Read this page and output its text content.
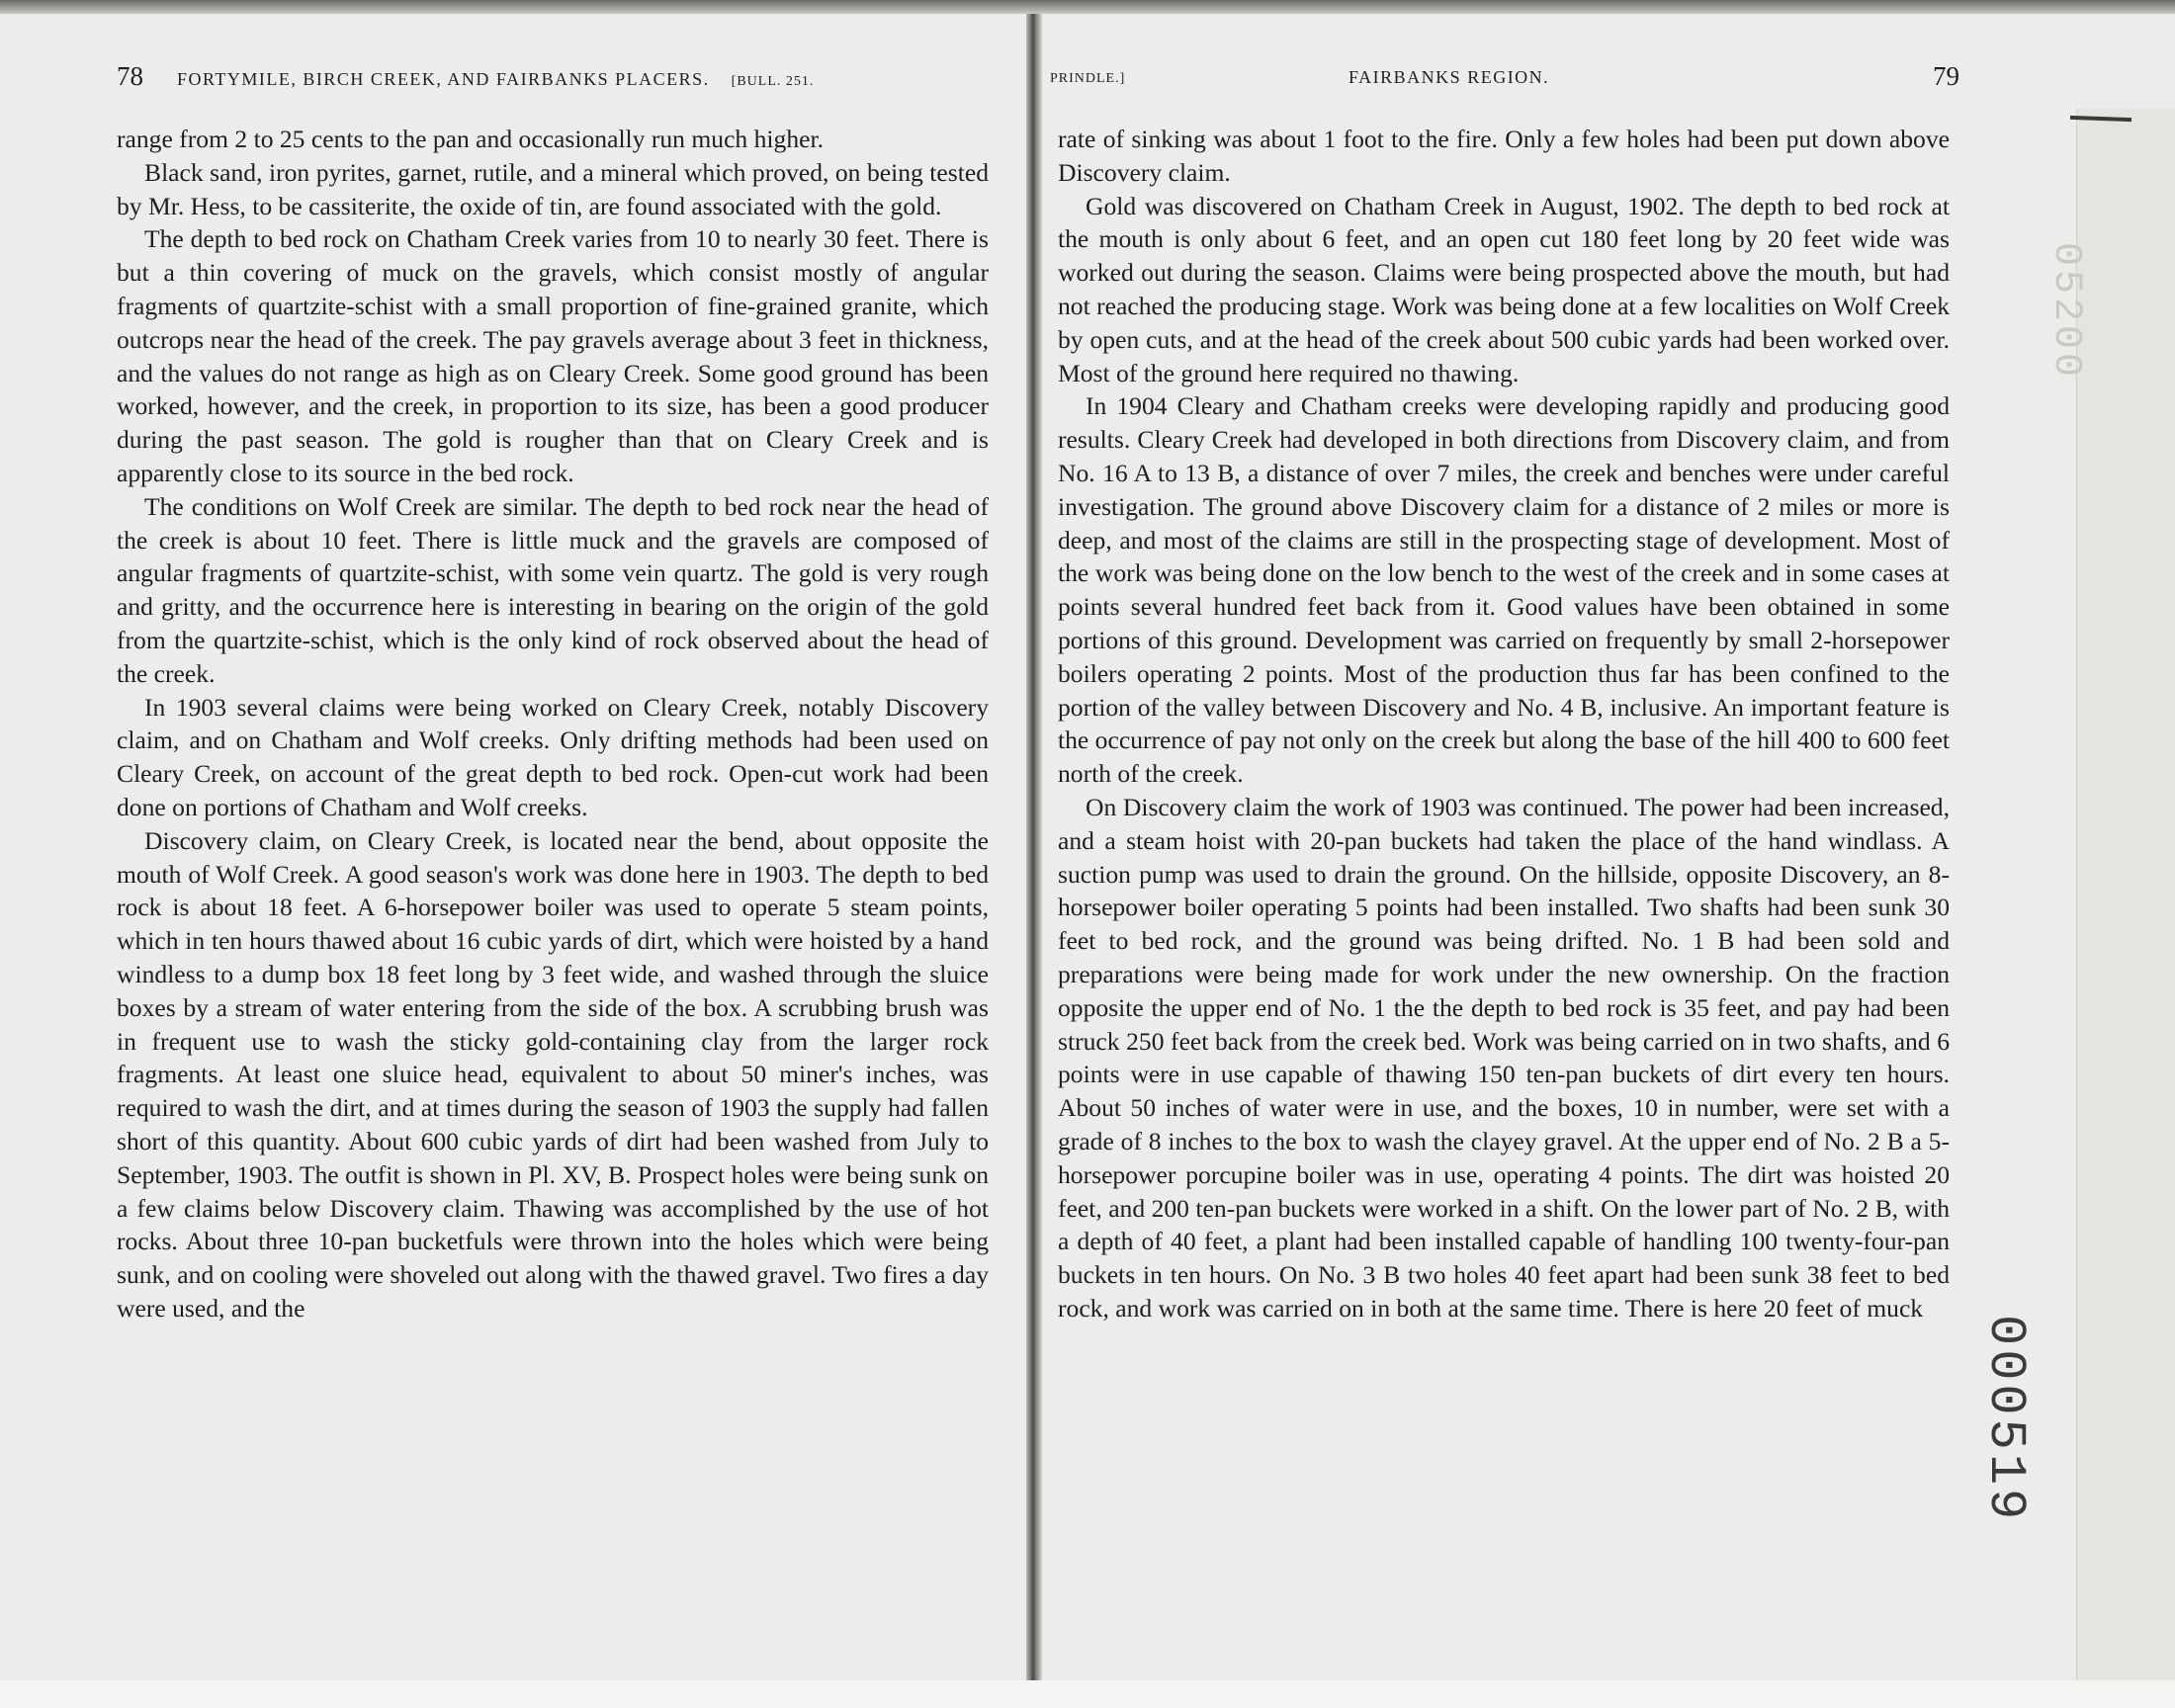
78 FORTYMILE, BIRCH CREEK, AND FAIRBANKS PLACERS. [BULL. 251.	PRINDLE.]	FAIRBANKS REGION.	79

range from 2 to 25 cents to the pan and occasionally run much higher.

Black sand, iron pyrites, garnet, rutile, and a mineral which proved, on being tested by Mr. Hess, to be cassiterite, the oxide of tin, are found associated with the gold.

The depth to bed rock on Chatham Creek varies from 10 to nearly 30 feet. There is but a thin covering of muck on the gravels, which consist mostly of angular fragments of quartzite-schist with a small proportion of fine-grained granite, which outcrops near the head of the creek. The pay gravels average about 3 feet in thickness, and the values do not range as high as on Cleary Creek. Some good ground has been worked, however, and the creek, in proportion to its size, has been a good producer during the past season. The gold is rougher than that on Cleary Creek and is apparently close to its source in the bed rock.

The conditions on Wolf Creek are similar. The depth to bed rock near the head of the creek is about 10 feet. There is little muck and the gravels are composed of angular fragments of quartzite-schist, with some vein quartz. The gold is very rough and gritty, and the occurrence here is interesting in bearing on the origin of the gold from the quartzite-schist, which is the only kind of rock observed about the head of the creek.

In 1903 several claims were being worked on Cleary Creek, notably Discovery claim, and on Chatham and Wolf creeks. Only drifting methods had been used on Cleary Creek, on account of the great depth to bed rock. Open-cut work had been done on portions of Chatham and Wolf creeks.

Discovery claim, on Cleary Creek, is located near the bend, about opposite the mouth of Wolf Creek. A good season's work was done here in 1903. The depth to bed rock is about 18 feet. A 6-horsepower boiler was used to operate 5 steam points, which in ten hours thawed about 16 cubic yards of dirt, which were hoisted by a hand windless to a dump box 18 feet long by 3 feet wide, and washed through the sluice boxes by a stream of water entering from the side of the box. A scrubbing brush was in frequent use to wash the sticky gold-containing clay from the larger rock fragments. At least one sluice head, equivalent to about 50 miner's inches, was required to wash the dirt, and at times during the season of 1903 the supply had fallen short of this quantity. About 600 cubic yards of dirt had been washed from July to September, 1903. The outfit is shown in Pl. XV, B. Prospect holes were being sunk on a few claims below Discovery claim. Thawing was accomplished by the use of hot rocks. About three 10-pan bucketfuls were thrown into the holes which were being sunk, and on cooling were shoveled out along with the thawed gravel. Two fires a day were used, and the

rate of sinking was about 1 foot to the fire. Only a few holes had been put down above Discovery claim.

Gold was discovered on Chatham Creek in August, 1902. The depth to bed rock at the mouth is only about 6 feet, and an open cut 180 feet long by 20 feet wide was worked out during the season. Claims were being prospected above the mouth, but had not reached the producing stage. Work was being done at a few localities on Wolf Creek by open cuts, and at the head of the creek about 500 cubic yards had been worked over. Most of the ground here required no thawing.

In 1904 Cleary and Chatham creeks were developing rapidly and producing good results. Cleary Creek had developed in both directions from Discovery claim, and from No. 16 A to 13 B, a distance of over 7 miles, the creek and benches were under careful investigation. The ground above Discovery claim for a distance of 2 miles or more is deep, and most of the claims are still in the prospecting stage of development. Most of the work was being done on the low bench to the west of the creek and in some cases at points several hundred feet back from it. Good values have been obtained in some portions of this ground. Development was carried on frequently by small 2-horsepower boilers operating 2 points. Most of the production thus far has been confined to the portion of the valley between Discovery and No. 4 B, inclusive. An important feature is the occurrence of pay not only on the creek but along the base of the hill 400 to 600 feet north of the creek.

On Discovery claim the work of 1903 was continued. The power had been increased, and a steam hoist with 20-pan buckets had taken the place of the hand windlass. A suction pump was used to drain the ground. On the hillside, opposite Discovery, an 8-horsepower boiler operating 5 points had been installed. Two shafts had been sunk 30 feet to bed rock, and the ground was being drifted. No. 1 B had been sold and preparations were being made for work under the new ownership. On the fraction opposite the upper end of No. 1 the the depth to bed rock is 35 feet, and pay had been struck 250 feet back from the creek bed. Work was being carried on in two shafts, and 6 points were in use capable of thawing 150 ten-pan buckets of dirt every ten hours. About 50 inches of water were in use, and the boxes, 10 in number, were set with a grade of 8 inches to the box to wash the clayey gravel. At the upper end of No. 2 B a 5-horsepower porcupine boiler was in use, operating 4 points. The dirt was hoisted 20 feet, and 200 ten-pan buckets were worked in a shift. On the lower part of No. 2 B, with a depth of 40 feet, a plant had been installed capable of handling 100 twenty-four-pan buckets in ten hours. On No. 3 B two holes 40 feet apart had been sunk 38 feet to bed rock, and work was carried on in both at the same time. There is here 20 feet of muck

05200
000519
